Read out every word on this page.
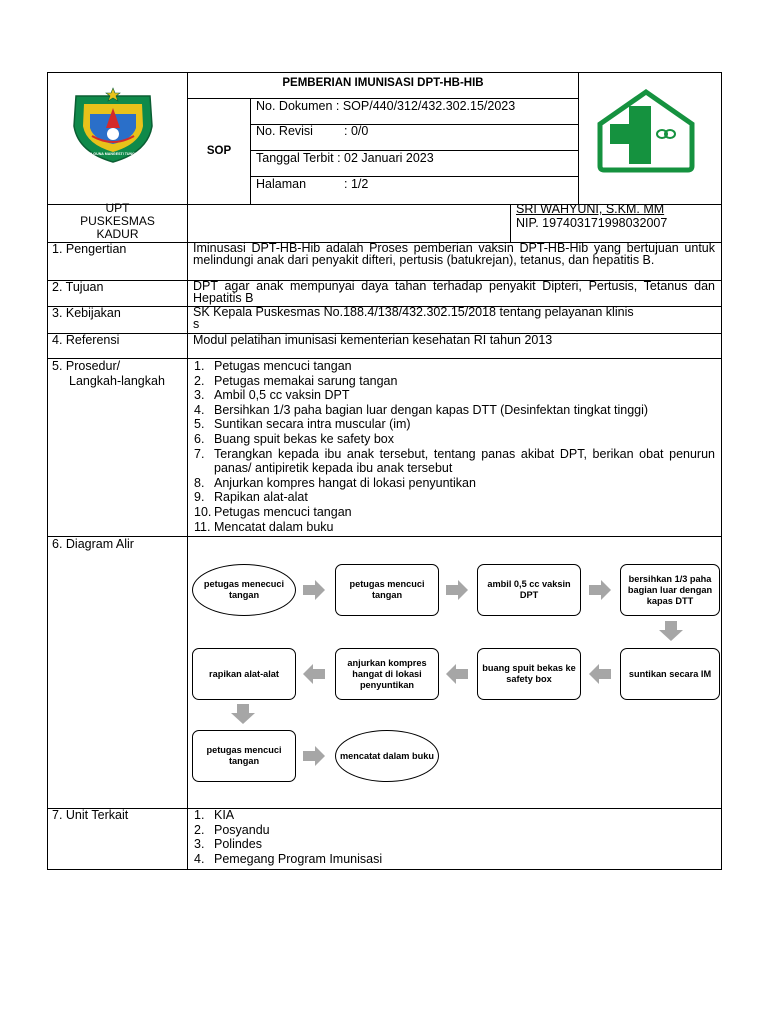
BADI GUNA MANGESTI TUNGGAL
PEMBERIAN IMUNISASI DPT-HB-HIB
SOP
No. Dokumen : SOP/440/312/432.302.15/2023
No. Revisi : 0/0
Tanggal Terbit : 02 Januari 2023
Halaman	: 1/2
UPT
PUSKESMAS
KADUR
SRI WAHYUNI, S.KM. MM
NIP. 197403171998032007
1. Pengertian
2. Tujuan
3. Kebijakan
4. Referensi
5. Prosedur/
Langkah-langkah
6. Diagram Alir
7. Unit Terkait
Iminusasi DPT-HB-Hib adalah Proses pemberian vaksin DPT-HB-Hib yang bertujuan untuk melindungi anak dari penyakit difteri, pertusis (batukrejan), tetanus, dan hepatitis B.
DPT agar anak mempunyai daya tahan terhadap penyakit Dipteri, Pertusis, Tetanus dan Hepatitis B
SK Kepala Puskesmas No.188.4/138/432.302.15/2018 tentang pelayanan klinis
s
Modul pelatihan imunisasi kementerian kesehatan RI tahun 2013
1. Petugas mencuci tangan
2. Petugas memakai sarung tangan
3. Ambil 0,5 cc vaksin DPT
4. Bersihkan 1/3 paha bagian luar dengan kapas DTT (Desinfektan tingkat tinggi)
5. Suntikan secara intra muscular (im)
6. Buang spuit bekas ke safety box
7. Terangkan kepada ibu anak tersebut, tentang panas akibat DPT, berikan obat penurun panas/ antipiretik kepada ibu anak tersebut
8. Anjurkan kompres hangat di lokasi penyuntikan
9. Rapikan alat-alat
10. Petugas mencuci tangan
11. Mencatat dalam buku
1. KIA
2. Posyandu
3. Polindes
4. Pemegang Program Imunisasi
petugas menecuci tangan
petugas mencuci tangan
ambil 0,5 cc vaksin DPT
bersihkan 1/3 paha bagian luar dengan kapas DTT
rapikan alat-alat
anjurkan kompres hangat di lokasi penyuntikan
buang spuit bekas ke safety box
suntikan secara IM
petugas mencuci tangan
mencatat dalam buku
